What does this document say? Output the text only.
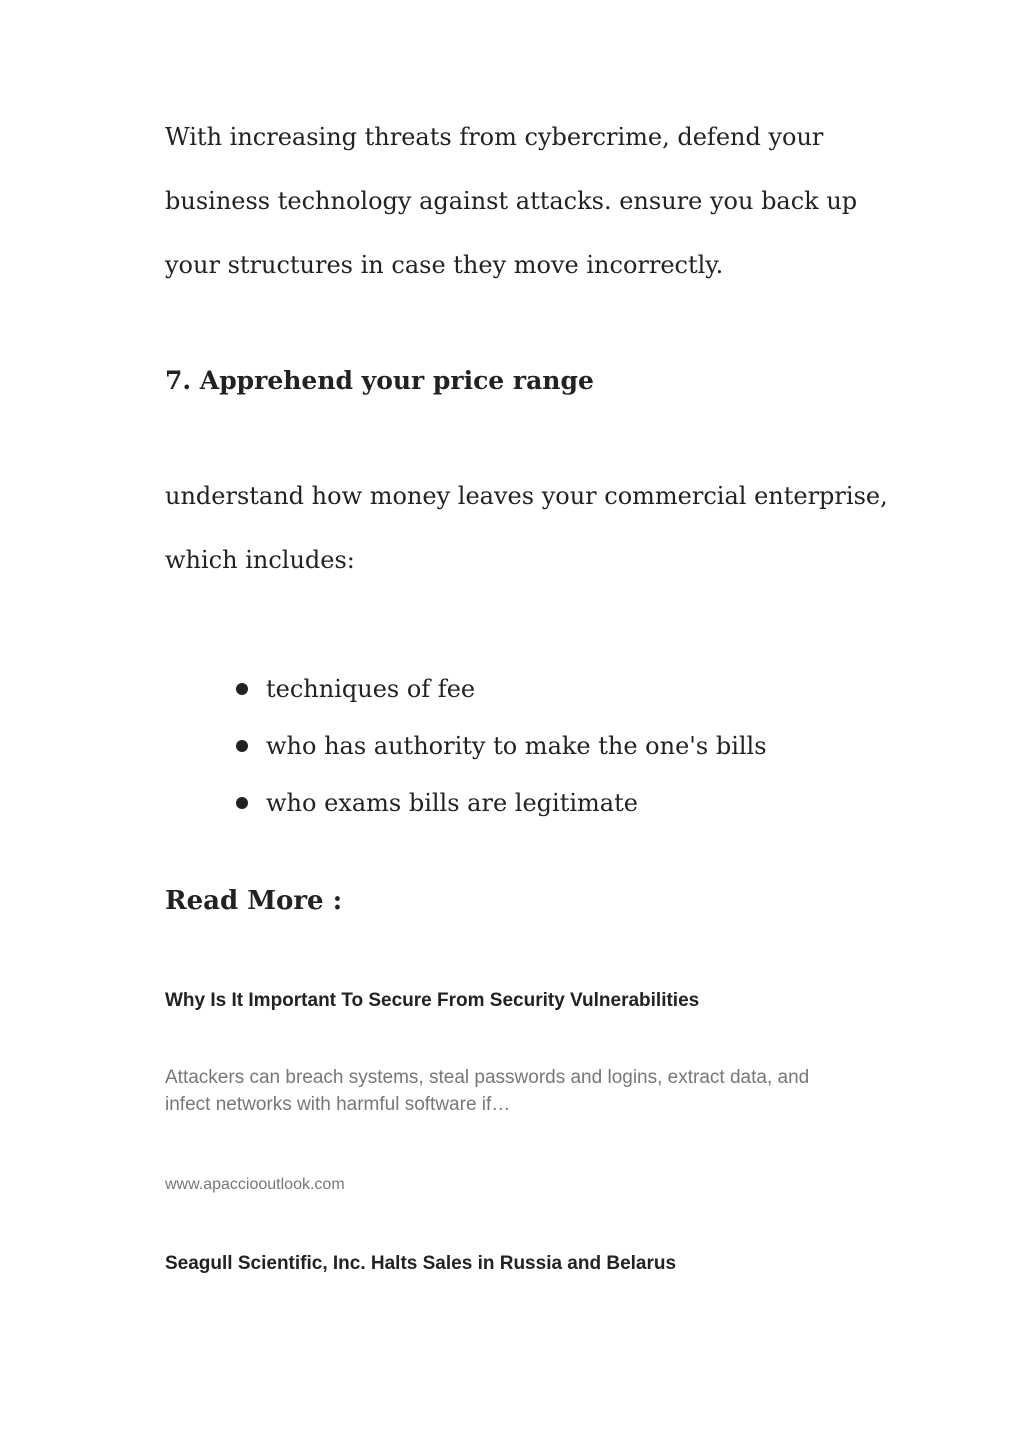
With increasing threats from cybercrime, defend your

business technology against attacks. ensure you back up

your structures in case they move incorrectly.

7. Apprehend your price range

understand how money leaves your commercial enterprise,

which includes:

techniques of fee
who has authority to make the one's bills
who exams bills are legitimate
Read More :
Why Is It Important To Secure From Security Vulnerabilities

Attackers can breach systems, steal passwords and logins, extract data, and infect networks with harmful software if…

www.apacciooutlook.com
Seagull Scientific, Inc. Halts Sales in Russia and Belarus
